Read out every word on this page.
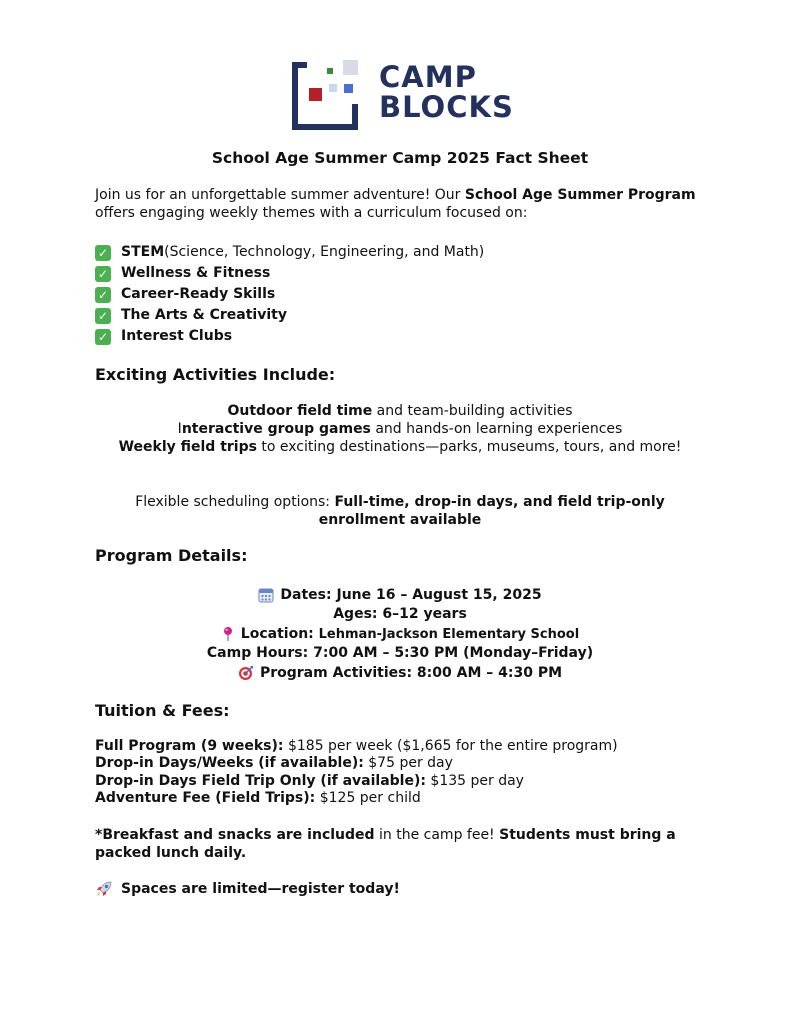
CAMP
BLOCKS
School Age Summer Camp 2025 Fact Sheet
Join us for an unforgettable summer adventure! Our School Age Summer Program offers engaging weekly themes with a curriculum focused on:
✓ STEM (Science, Technology, Engineering, and Math)
✓ Wellness & Fitness
✓ Career-Ready Skills
✓ The Arts & Creativity
✓ Interest Clubs
Exciting Activities Include:
Outdoor field time and team-building activities
Interactive group games and hands-on learning experiences
Weekly field trips to exciting destinations—parks, museums, tours, and more!
Flexible scheduling options: Full-time, drop-in days, and field trip-only
enrollment available
Program Details:
Dates: June 16 – August 15, 2025
Ages: 6–12 years
Location: Lehman-Jackson Elementary School
Camp Hours: 7:00 AM – 5:30 PM (Monday–Friday)
Program Activities: 8:00 AM – 4:30 PM
Tuition & Fees:
Full Program (9 weeks): $185 per week ($1,665 for the entire program)
Drop-in Days/Weeks (if available): $75 per day
Drop-in Days Field Trip Only (if available): $135 per day
Adventure Fee (Field Trips): $125 per child
*Breakfast and snacks are included in the camp fee! Students must bring a packed lunch daily.
Spaces are limited—register today!
